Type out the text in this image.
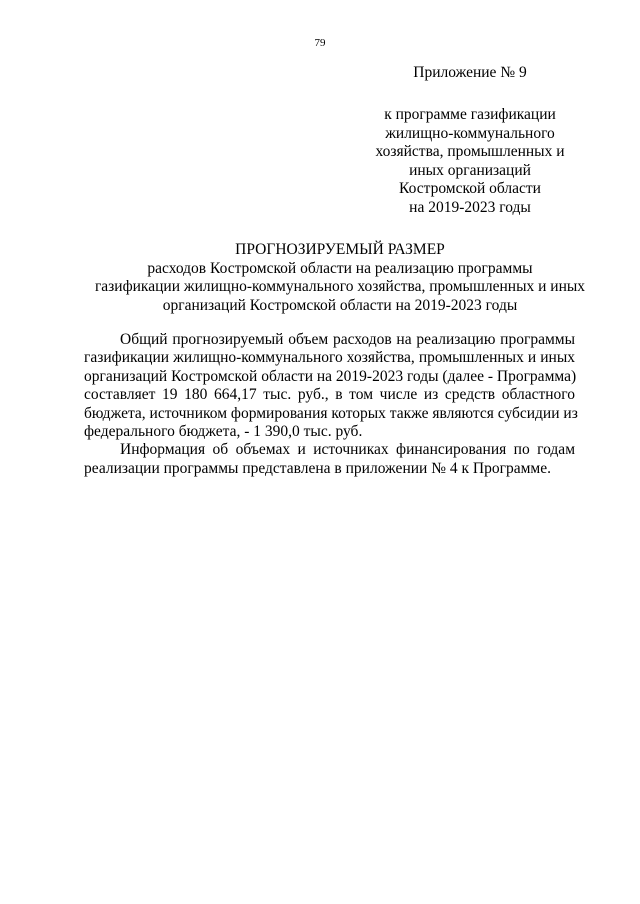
79
Приложение № 9
к программе газификации
жилищно-коммунального
хозяйства, промышленных и
иных организаций
Костромской области
на 2019-2023 годы
ПРОГНОЗИРУЕМЫЙ РАЗМЕР
расходов Костромской области на реализацию программы
газификации жилищно-коммунального хозяйства, промышленных и иных
организаций Костромской области на 2019-2023 годы

Общий прогнозируемый объем расходов на реализацию программы
газификации жилищно-коммунального хозяйства, промышленных и иных
организаций Костромской области на 2019-2023 годы (далее - Программа)
составляет 19 180 664,17 тыс. руб., в том числе из средств областного
бюджета, источником формирования которых также являются субсидии из
федерального бюджета, - 1 390,0 тыс. руб.

Информация об объемах и источниках финансирования по годам
реализации программы представлена в приложении № 4 к Программе.
